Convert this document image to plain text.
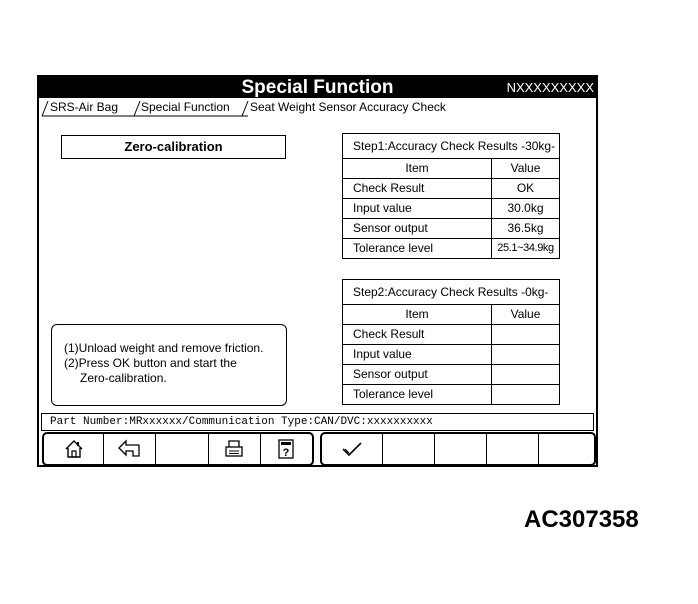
Special Function	NXXXXXXXXX
SRS-Air Bag Special Function Seat Weight Sensor Accuracy Check
Zero-calibration	Step1:Accuracy Check Results -30kg-	
Item	Value
Check Result	OK
Input value	30.0kg
Sensor output	36.5kg
Tolerance level	25.1~34.9kg
Step2:Accuracy Check Results -0kg-	
Item	Value
Check Result	
Input value	
Sensor output	
Tolerance level	
(1)Unload weight and remove friction.
(2)Press OK button and start the
Zero-calibration.
Part Number:MRxxxxxx/Communication Type:CAN/DVC:xxxxxxxxxx
?
AC307358
